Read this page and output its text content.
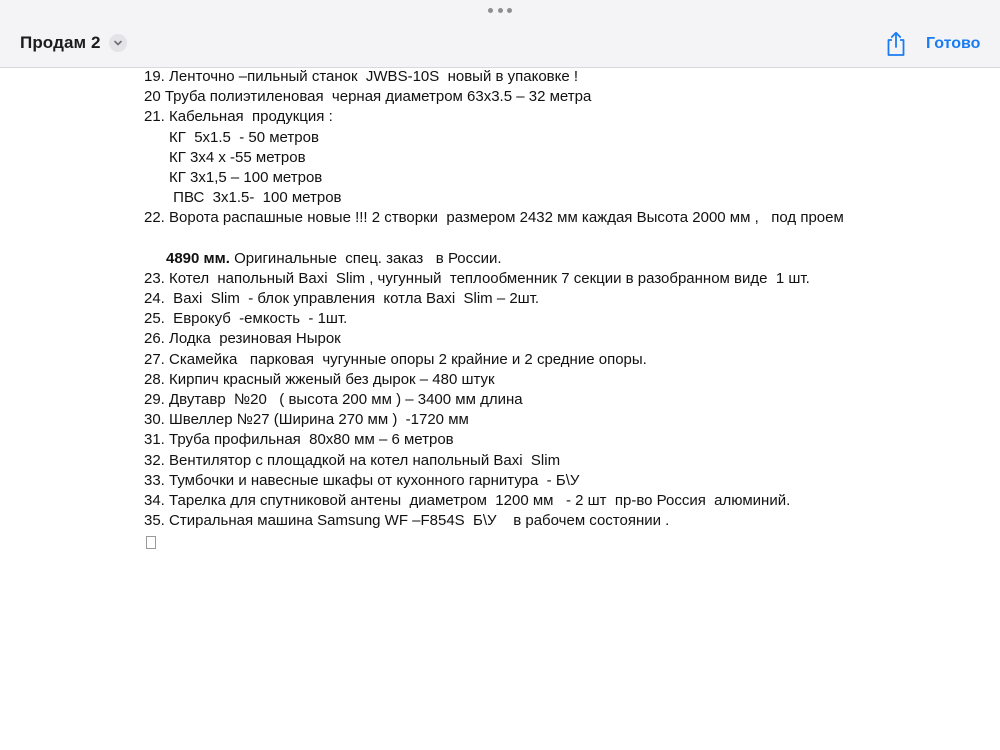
Продам 2	Готово
19. Ленточно –пильный станок  JWBS-10S  новый в упаковке !
20 Труба полиэтиленовая  черная диаметром 63х3.5 – 32 метра
21. Кабельная  продукция :
КГ  5х1.5  - 50 метров
КГ 3х4 х -55 метров
КГ 3х1,5 – 100 метров
ПВС  3х1.5-  100 метров
22. Ворота распашные новые !!! 2 створки  размером 2432 мм каждая Высота 2000 мм ,   под проем
4890 мм. Оригинальные  спец. заказ   в России.
23. Котел  напольный Baxi  Slim , чугунный  теплообменник 7 секции в разобранном виде  1 шт.
24.  Baxi  Slim  - блок управления  котла Baxi  Slim – 2шт.
25.  Еврокуб  -емкость  - 1шт.
26. Лодка  резиновая Нырок
27. Скамейка   парковая  чугунные опоры 2 крайние и 2 средние опоры.
28. Кирпич красный жженый без дырок – 480 штук
29. Двутавр  №20   ( высота 200 мм ) – 3400 мм длина
30. Швеллер №27 (Ширина 270 мм )  -1720 мм
31. Труба профильная  80х80 мм – 6 метров
32. Вентилятор с площадкой на котел напольный Baxi  Slim
33. Тумбочки и навесные шкафы от кухонного гарнитура  - Б\У
34. Тарелка для спутниковой антены  диаметром  1200 мм   - 2 шт  пр-во Россия  алюминий.
35. Стиральная машина Samsung WF –F854S  Б\У    в рабочем состоянии .
